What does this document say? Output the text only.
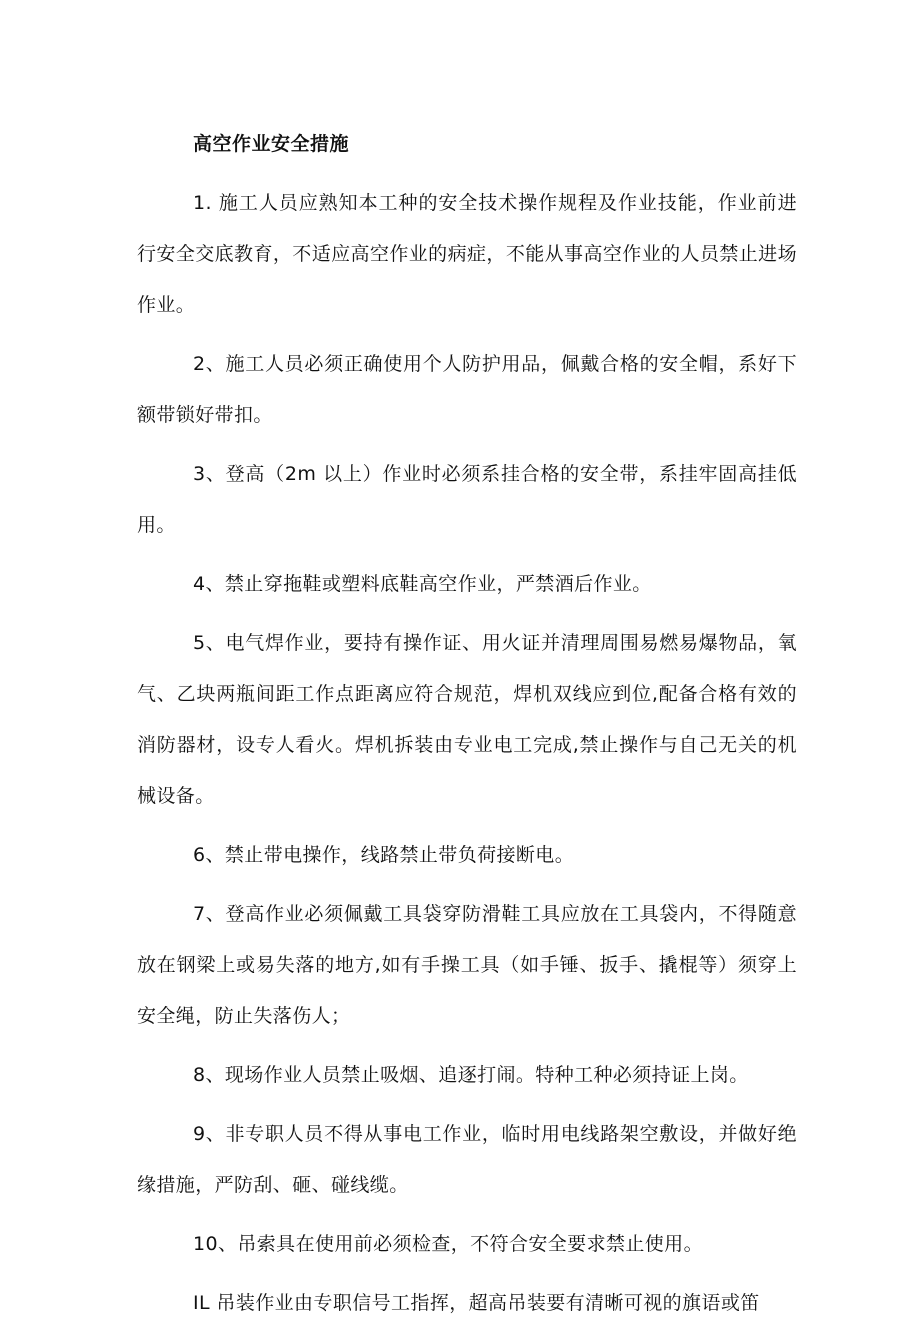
高空作业安全措施

1. 施工人员应熟知本工种的安全技术操作规程及作业技能，作业前进行安全交底教育，不适应高空作业的病症，不能从事高空作业的人员禁止进场作业。

2、施工人员必须正确使用个人防护用品，佩戴合格的安全帽，系好下额带锁好带扣。

3、登高（2m 以上）作业时必须系挂合格的安全带，系挂牢固高挂低用。

4、禁止穿拖鞋或塑料底鞋高空作业，严禁酒后作业。

5、电气焊作业，要持有操作证、用火证并清理周围易燃易爆物品，氧气、乙块两瓶间距工作点距离应符合规范，焊机双线应到位,配备合格有效的消防器材，设专人看火。焊机拆装由专业电工完成,禁止操作与自己无关的机械设备。

6、禁止带电操作，线路禁止带负荷接断电。

7、登高作业必须佩戴工具袋穿防滑鞋工具应放在工具袋内，不得随意放在钢梁上或易失落的地方,如有手操工具（如手锤、扳手、撬棍等）须穿上安全绳，防止失落伤人；

8、现场作业人员禁止吸烟、追逐打闹。特种工种必须持证上岗。

9、非专职人员不得从事电工作业，临时用电线路架空敷设，并做好绝缘措施，严防刮、砸、碰线缆。

10、吊索具在使用前必须检查，不符合安全要求禁止使用。

IL 吊装作业由专职信号工指挥，超高吊装要有清晰可视的旗语或笛
